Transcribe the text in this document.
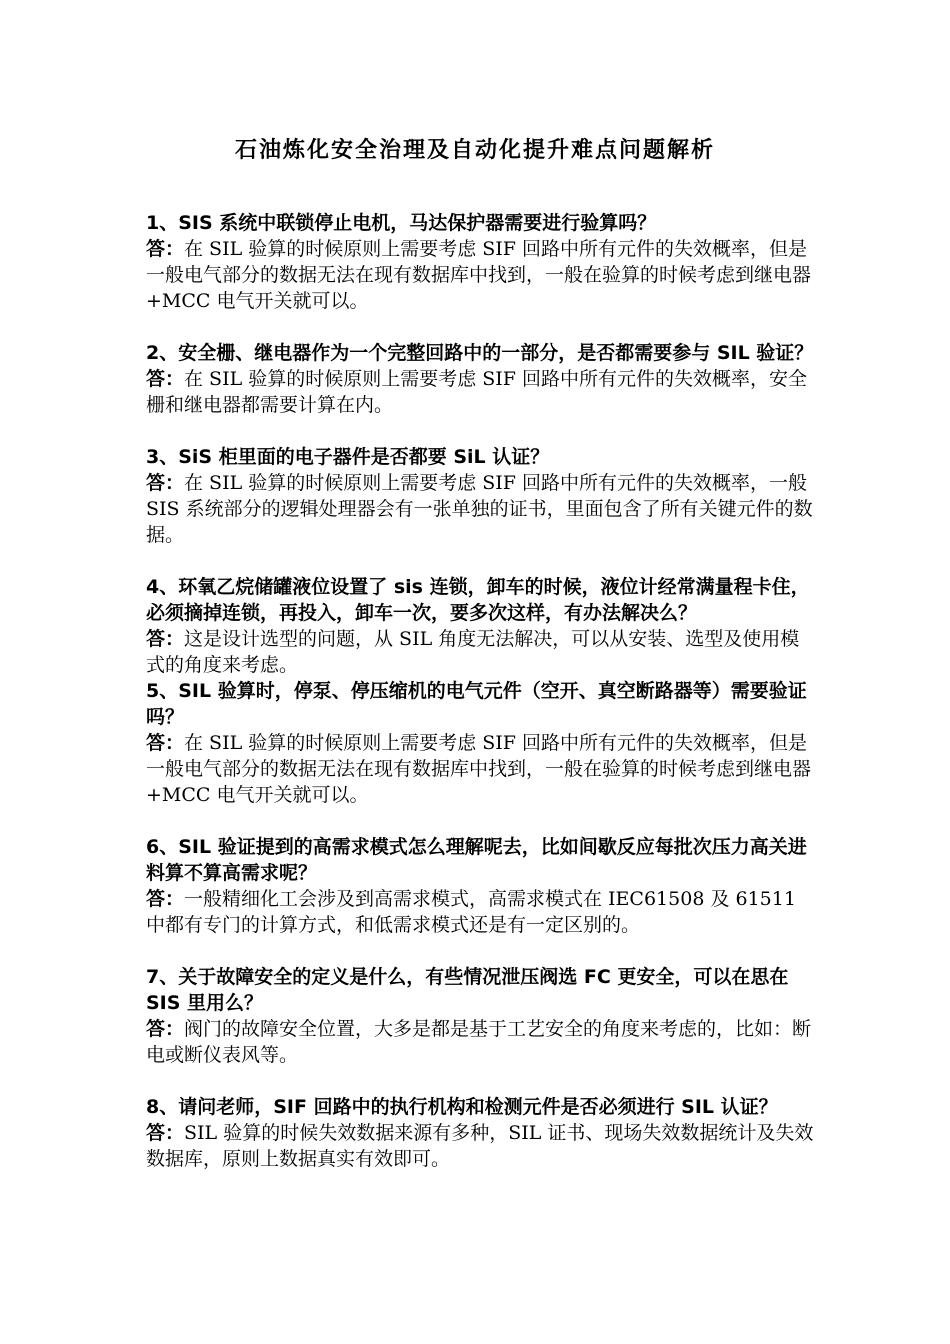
石油炼化安全治理及自动化提升难点问题解析

1、SIS 系统中联锁停止电机，马达保护器需要进行验算吗？

答：在 SIL 验算的时候原则上需要考虑 SIF 回路中所有元件的失效概率，但是一般电气部分的数据无法在现有数据库中找到，一般在验算的时候考虑到继电器+MCC 电气开关就可以。

2、安全栅、继电器作为一个完整回路中的一部分，是否都需要参与 SIL 验证？

答：在 SIL 验算的时候原则上需要考虑 SIF 回路中所有元件的失效概率，安全栅和继电器都需要计算在内。

3、SiS 柜里面的电子器件是否都要 SiL 认证？

答：在 SIL 验算的时候原则上需要考虑 SIF 回路中所有元件的失效概率，一般 SIS 系统部分的逻辑处理器会有一张单独的证书，里面包含了所有关键元件的数据。

4、环氧乙烷储罐液位设置了 sis 连锁，卸车的时候，液位计经常满量程卡住，必须摘掉连锁，再投入，卸车一次，要多次这样，有办法解决么？

答：这是设计选型的问题，从 SIL 角度无法解决，可以从安装、选型及使用模式的角度来考虑。

5、SIL 验算时，停泵、停压缩机的电气元件（空开、真空断路器等）需要验证吗？

答：在 SIL 验算的时候原则上需要考虑 SIF 回路中所有元件的失效概率，但是一般电气部分的数据无法在现有数据库中找到，一般在验算的时候考虑到继电器+MCC 电气开关就可以。

6、SIL 验证提到的高需求模式怎么理解呢去，比如间歇反应每批次压力高关进料算不算高需求呢？

答：一般精细化工会涉及到高需求模式，高需求模式在 IEC61508 及 61511 中都有专门的计算方式，和低需求模式还是有一定区别的。

7、关于故障安全的定义是什么，有些情况泄压阀选 FC 更安全，可以在思在 SIS 里用么？

答：阀门的故障安全位置，大多是都是基于工艺安全的角度来考虑的，比如：断电或断仪表风等。

8、请问老师，SIF 回路中的执行机构和检测元件是否必须进行 SIL 认证？

答：SIL 验算的时候失效数据来源有多种，SIL 证书、现场失效数据统计及失效数据库，原则上数据真实有效即可。
